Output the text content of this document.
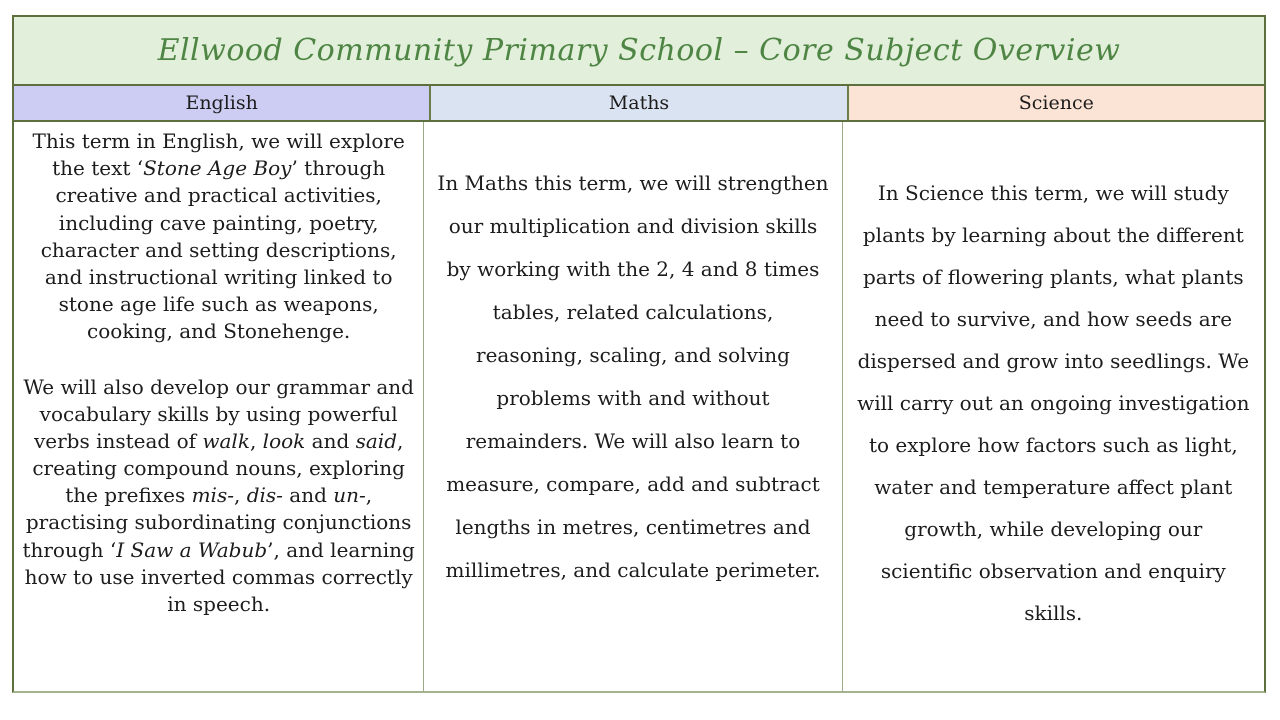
Ellwood Community Primary School – Core Subject Overview
English	Maths	Science

This term in English, we will explore the text ‘Stone Age Boy’ through creative and practical activities, including cave painting, poetry, character and setting descriptions, and instructional writing linked to stone age life such as weapons, cooking, and Stonehenge.

We will also develop our grammar and vocabulary skills by using powerful verbs instead of walk, look and said, creating compound nouns, exploring the prefixes mis-, dis- and un-, practising subordinating conjunctions through ‘I Saw a Wabub’, and learning how to use inverted commas correctly in speech.

In Maths this term, we will strengthen our multiplication and division skills by working with the 2, 4 and 8 times tables, related calculations, reasoning, scaling, and solving problems with and without remainders. We will also learn to measure, compare, add and subtract lengths in metres, centimetres and millimetres, and calculate perimeter.

In Science this term, we will study plants by learning about the different parts of flowering plants, what plants need to survive, and how seeds are dispersed and grow into seedlings. We will carry out an ongoing investigation to explore how factors such as light, water and temperature affect plant growth, while developing our scientific observation and enquiry skills.
